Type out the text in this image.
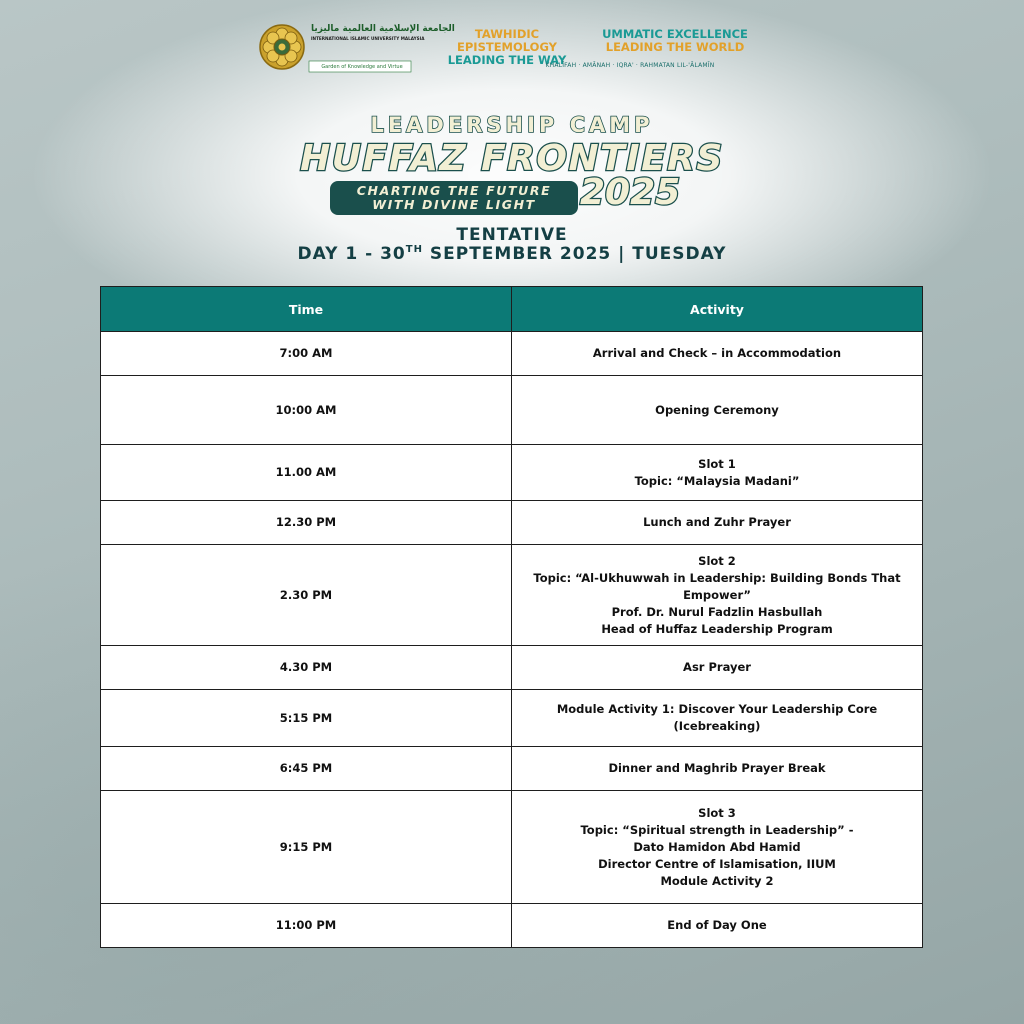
الجامعة الإسلامية العالمية ماليزيا
INTERNATIONAL ISLAMIC UNIVERSITY MALAYSIA
Garden of Knowledge and Virtue
TAWHIDIC EPISTEMOLOGY
LEADING THE WAY
UMMATIC EXCELLENCE
LEADING THE WORLD
KHALĪFAH · AMĀNAH · IQRA' · RAHMATAN LIL-'ĀLAMĪN
LEADERSHIP CAMP
HUFFAZ FRONTIERS
CHARTING THE FUTURE
WITH DIVINE LIGHT	2025
TENTATIVE
DAY 1 - 30TH SEPTEMBER 2025 | TUESDAY
Time	Activity
7:00 AM	Arrival and Check – in Accommodation

10:00 AM	Opening Ceremony

11.00 AM	Slot 1
Topic: “Malaysia Madani”

12.30 PM	Lunch and Zuhr Prayer

2.30 PM	Slot 2
Topic: “Al-Ukhuwwah in Leadership: Building Bonds That
Empower”
Prof. Dr. Nurul Fadzlin Hasbullah
Head of Huffaz Leadership Program

4.30 PM	Asr Prayer

5:15 PM	Module Activity 1: Discover Your Leadership Core (Icebreaking)

6:45 PM	Dinner and Maghrib Prayer Break

9:15 PM	Slot 3
Topic: “Spiritual strength in Leadership” -
Dato Hamidon Abd Hamid
Director Centre of Islamisation, IIUM
Module Activity 2

11:00 PM	End of Day One
